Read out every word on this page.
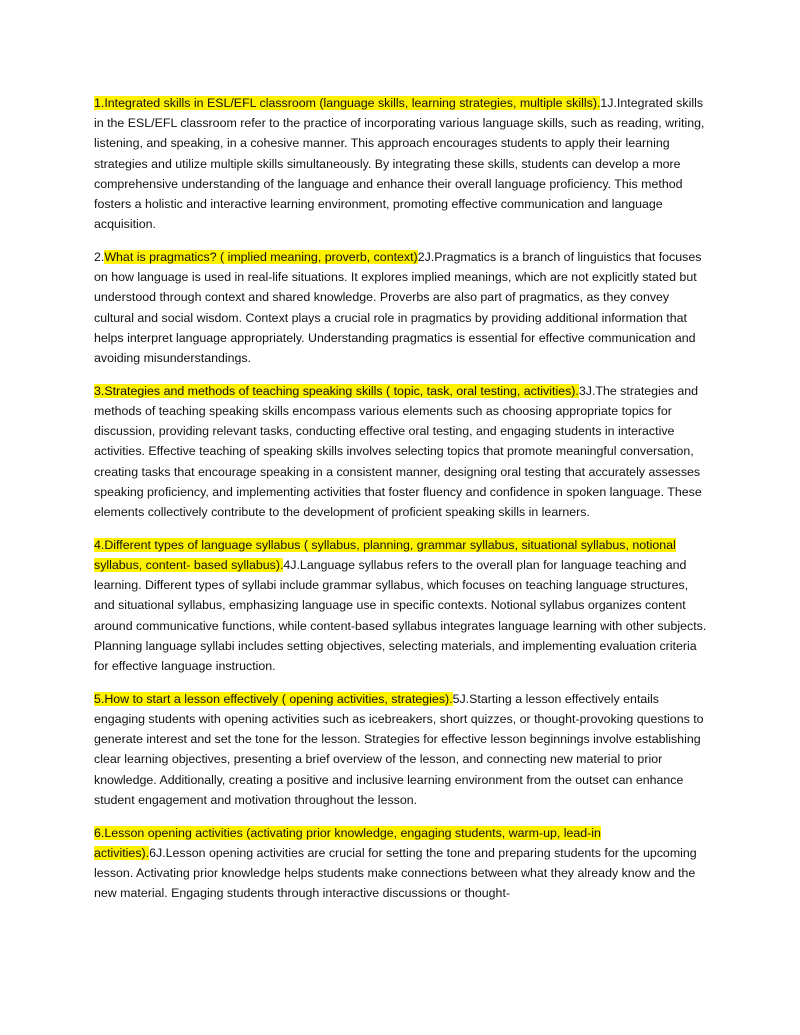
1.Integrated skills in ESL/EFL classroom (language skills, learning strategies, multiple skills).1J.Integrated skills in the ESL/EFL classroom refer to the practice of incorporating various language skills, such as reading, writing, listening, and speaking, in a cohesive manner. This approach encourages students to apply their learning strategies and utilize multiple skills simultaneously. By integrating these skills, students can develop a more comprehensive understanding of the language and enhance their overall language proficiency. This method fosters a holistic and interactive learning environment, promoting effective communication and language acquisition.

2.What is pragmatics? ( implied meaning, proverb, context)2J.Pragmatics is a branch of linguistics that focuses on how language is used in real-life situations. It explores implied meanings, which are not explicitly stated but understood through context and shared knowledge. Proverbs are also part of pragmatics, as they convey cultural and social wisdom. Context plays a crucial role in pragmatics by providing additional information that helps interpret language appropriately. Understanding pragmatics is essential for effective communication and avoiding misunderstandings.

3.Strategies and methods of teaching speaking skills ( topic, task, oral testing, activities).3J.The strategies and methods of teaching speaking skills encompass various elements such as choosing appropriate topics for discussion, providing relevant tasks, conducting effective oral testing, and engaging students in interactive activities. Effective teaching of speaking skills involves selecting topics that promote meaningful conversation, creating tasks that encourage speaking in a consistent manner, designing oral testing that accurately assesses speaking proficiency, and implementing activities that foster fluency and confidence in spoken language. These elements collectively contribute to the development of proficient speaking skills in learners.

4.Different types of language syllabus ( syllabus, planning, grammar syllabus, situational syllabus, notional syllabus, content- based syllabus).4J.Language syllabus refers to the overall plan for language teaching and learning. Different types of syllabi include grammar syllabus, which focuses on teaching language structures, and situational syllabus, emphasizing language use in specific contexts. Notional syllabus organizes content around communicative functions, while content-based syllabus integrates language learning with other subjects. Planning language syllabi includes setting objectives, selecting materials, and implementing evaluation criteria for effective language instruction.

5.How to start a lesson effectively ( opening activities, strategies).5J.Starting a lesson effectively entails engaging students with opening activities such as icebreakers, short quizzes, or thought-provoking questions to generate interest and set the tone for the lesson. Strategies for effective lesson beginnings involve establishing clear learning objectives, presenting a brief overview of the lesson, and connecting new material to prior knowledge. Additionally, creating a positive and inclusive learning environment from the outset can enhance student engagement and motivation throughout the lesson.

6.Lesson opening activities (activating prior knowledge, engaging students, warm-up, lead-in activities).6J.Lesson opening activities are crucial for setting the tone and preparing students for the upcoming lesson. Activating prior knowledge helps students make connections between what they already know and the new material. Engaging students through interactive discussions or thought-
